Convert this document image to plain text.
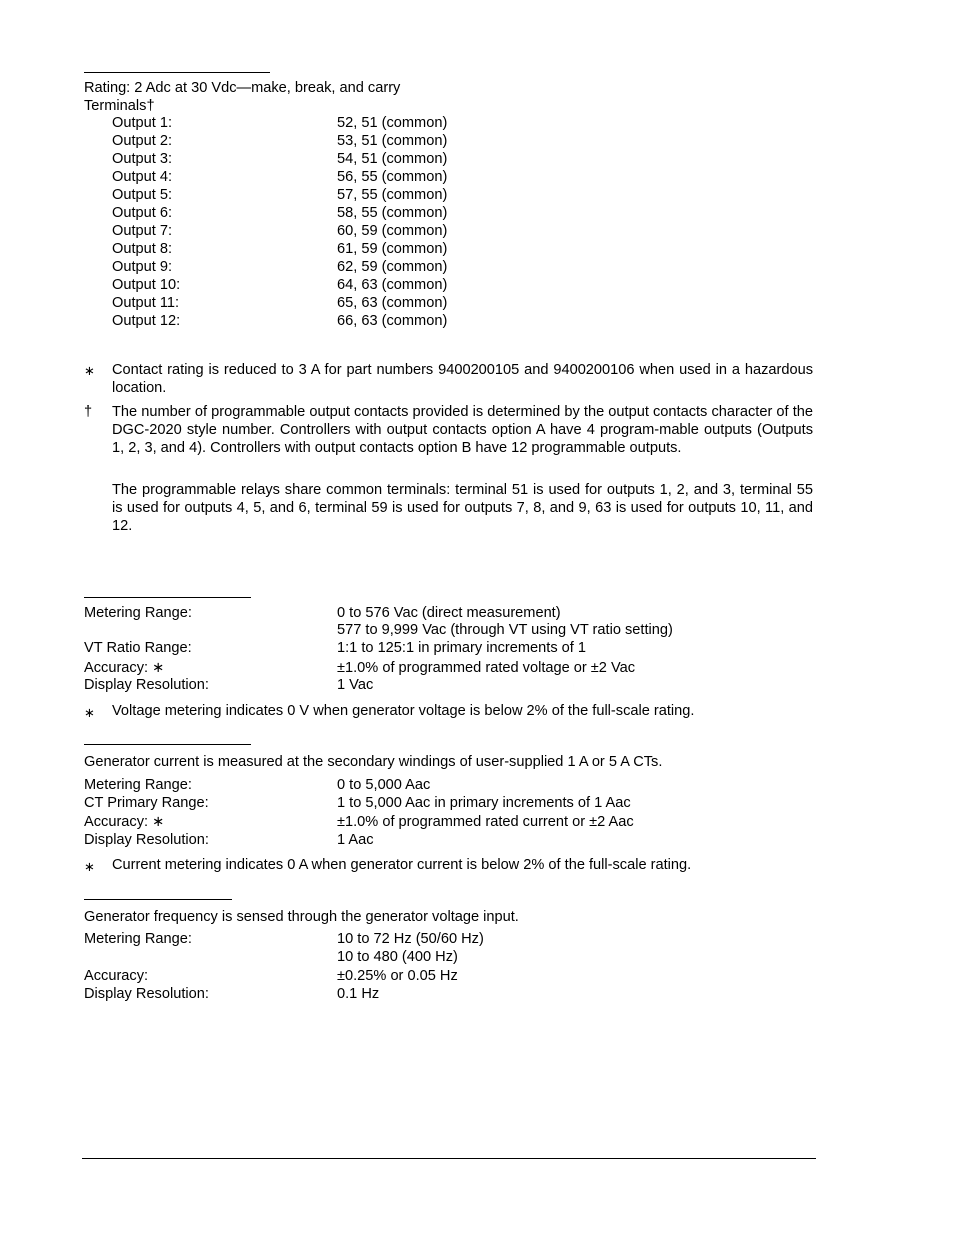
Rating: 2 Adc at 30 Vdc—make, break, and carry
Terminals†
Output 1:	52, 51 (common)
Output 2:	53, 51 (common)
Output 3:	54, 51 (common)
Output 4:	56, 55 (common)
Output 5:	57, 55 (common)
Output 6:	58, 55 (common)
Output 7:	60, 59 (common)
Output 8:	61, 59 (common)
Output 9:	62, 59 (common)
Output 10:	64, 63 (common)
Output 11:	65, 63 (common)
Output 12:	66, 63 (common)
∗ Contact rating is reduced to 3 A for part numbers 9400200105 and 9400200106 when used in a hazardous location.
† The number of programmable output contacts provided is determined by the output contacts character of the DGC-2020 style number. Controllers with output contacts option A have 4 program-mable outputs (Outputs 1, 2, 3, and 4). Controllers with output contacts option B have 12 programmable outputs.
The programmable relays share common terminals: terminal 51 is used for outputs 1, 2, and 3, terminal 55 is used for outputs 4, 5, and 6, terminal 59 is used for outputs 7, 8, and 9, 63 is used for outputs 10, 11, and 12.
Metering Range:	0 to 576 Vac (direct measurement)
577 to 9,999 Vac (through VT using VT ratio setting)
VT Ratio Range:	1:1 to 125:1 in primary increments of 1
Accuracy: ∗	±1.0% of programmed rated voltage or ±2 Vac
Display Resolution:	1 Vac
∗ Voltage metering indicates 0 V when generator voltage is below 2% of the full-scale rating.
Generator current is measured at the secondary windings of user-supplied 1 A or 5 A CTs.
Metering Range:	0 to 5,000 Aac
CT Primary Range:	1 to 5,000 Aac in primary increments of 1 Aac
Accuracy: ∗	±1.0% of programmed rated current or ±2 Aac
Display Resolution:	1 Aac
∗ Current metering indicates 0 A when generator current is below 2% of the full-scale rating.
Generator frequency is sensed through the generator voltage input.
Metering Range:	10 to 72 Hz (50/60 Hz)
10 to 480 (400 Hz)
Accuracy:	±0.25% or 0.05 Hz
Display Resolution:	0.1 Hz
